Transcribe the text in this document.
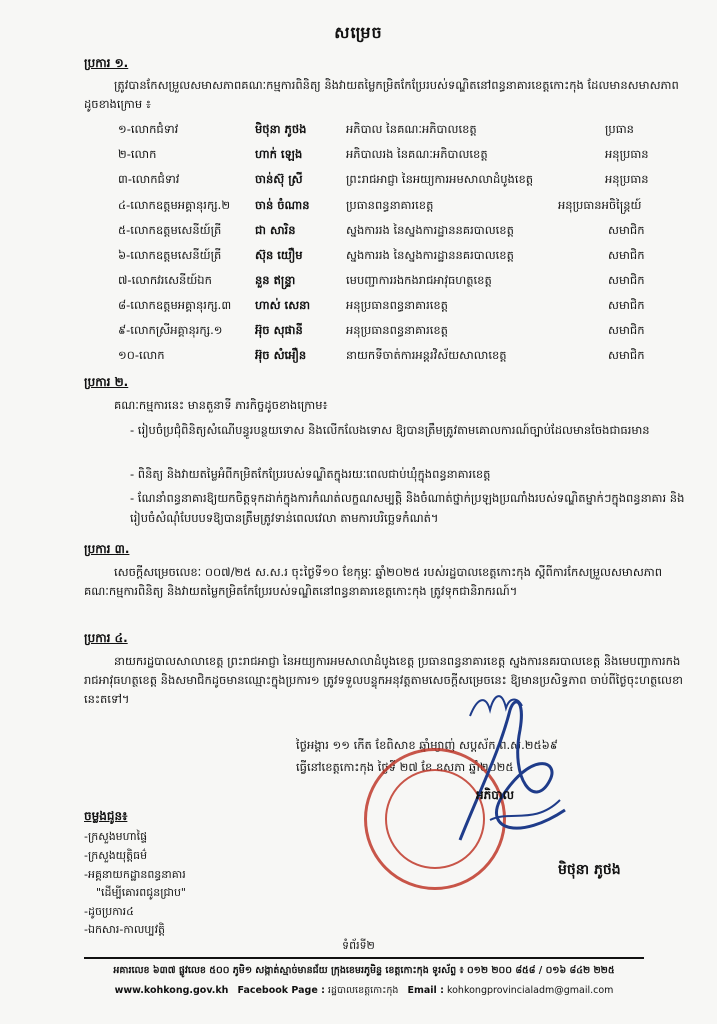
សម្រេច
ប្រការ ១.
ត្រូវបានកែសម្រួលសមាសភាពគណៈកម្មការពិនិត្យ និងវាយតម្លៃកម្រិតកែប្រែរបស់ទណ្ឌិតនៅពន្ធនាគារខេត្តកោះកុង ដែលមានសមាសភាពដូចខាងក្រោម ៖
១-លោកជំទាវ	មិថុនា ភូថង	អភិបាល នៃគណៈអភិបាលខេត្ត	ប្រធាន
២-លោក	ហាក់ ឡេង	អភិបាលរង នៃគណៈអភិបាលខេត្ត	អនុប្រធាន
៣-លោកជំទាវ	ចាន់ស៊ុ ស្រី	ព្រះរាជអាជ្ញា នៃអយ្យការអមសាលាដំបូងខេត្ត	អនុប្រធាន
៤-លោកឧត្តមអគ្គានុរក្ស.២ ចាន់ ចំណាន	ប្រធានពន្ធនាគារខេត្ត	អនុប្រធានអចិន្ត្រៃយ៍
៥-លោកឧត្តមសេនីយ៍ត្រី	ជា សារិន	ស្នងការរង នៃស្នងការដ្ឋាននគរបាលខេត្ត	សមាជិក
៦-លោកឧត្តមសេនីយ៍ត្រី	ស៊ុន យឿម	ស្នងការរង នៃស្នងការដ្ឋាននគរបាលខេត្ត	សមាជិក
៧-លោកវរសេនីយ៍ឯក	នួន ឥន្ទ្រា	មេបញ្ជាការរងកងរាជអាវុធហត្ថខេត្ត	សមាជិក
៨-លោកឧត្តមអគ្គានុរក្ស.៣ ហាស់ សេនា	អនុប្រធានពន្ធនាគារខេត្ត	សមាជិក
៩-លោកស្រីអគ្គានុរក្ស.១	អ៊ុច សុផានី	អនុប្រធានពន្ធនាគារខេត្ត	សមាជិក
១០-លោក	អ៊ុច សំអឿន	នាយកទីចាត់ការអន្តរវិស័យសាលាខេត្ត	សមាជិក
ប្រការ ២.
គណៈកម្មការនេះ មានតួនាទី ភារកិច្ចដូចខាងក្រោម៖
- រៀបចំប្រជុំពិនិត្យសំណើបន្ធូរបន្ថយទោស និងលើកលែងទោស ឱ្យបានត្រឹមត្រូវតាមគោលការណ៍ច្បាប់ដែលមានចែងជាធរមាន
- ពិនិត្យ និងវាយតម្លៃអំពីកម្រិតកែប្រែរបស់ទណ្ឌិតក្នុងរយៈពេលជាប់ឃុំក្នុងពន្ធនាគារខេត្ត
- ណែនាំពន្ធនាគារឱ្យយកចិត្តទុកដាក់ក្នុងការកំណត់លក្ខណសម្បត្តិ និងចំណាត់ថ្នាក់ប្រឡងប្រណាំងរបស់ទណ្ឌិតម្នាក់ៗក្នុងពន្ធនាគារ និងរៀបចំសំណុំបែបបទឱ្យបានត្រឹមត្រូវទាន់ពេលវេលា តាមការបរិច្ឆេទកំណត់។
ប្រការ ៣.
សេចក្តីសម្រេចលេខៈ ០០៧/២៥ ស.ស.រ ចុះថ្ងៃទី១០ ខែកុម្ភៈ ឆ្នាំ២០២៥ របស់រដ្ឋបាលខេត្តកោះកុង ស្តីពីការកែសម្រួលសមាសភាពគណៈកម្មការពិនិត្យ និងវាយតម្លៃកម្រិតកែប្រែរបស់ទណ្ឌិតនៅពន្ធនាគារខេត្តកោះកុង ត្រូវទុកជានិរាករណ៍។
ប្រការ ៤.
នាយករដ្ឋបាលសាលាខេត្ត ព្រះរាជអាជ្ញា នៃអយ្យការអមសាលាដំបូងខេត្ត ប្រធានពន្ធនាគារខេត្ត ស្នងការនគរបាលខេត្ត និងមេបញ្ជាការកងរាជអាវុធហត្ថខេត្ត និងសមាជិកដូចមានឈ្មោះក្នុងប្រការ១ ត្រូវទទួលបន្ទុកអនុវត្តតាមសេចក្តីសម្រេចនេះ ឱ្យមានប្រសិទ្ធភាព ចាប់ពីថ្ងៃចុះហត្ថលេខានេះតទៅ។
ថ្ងៃអង្គារ ១១ កើត ខែពិសាខ ឆ្នាំម្សាញ់ សប្តស័ក ព.ស.២៥៦៩
ធ្វើនៅខេត្តកោះកុង ថ្ងៃទី ២៧ ខែ ឧសភា ឆ្នាំ២០២៥
អភិបាល
មិថុនា ភូថង
ចម្លងជូន៖
-ក្រសួងមហាផ្ទៃ
-ក្រសួងយុត្តិធម៌
-អគ្គនាយកដ្ឋានពន្ធនាគារ
"ដើម្បីគោរពជូនជ្រាប"
-ដូចប្រការ៤
-ឯកសារ-កាលប្បវត្តិ
ទំព័រទី២
អគារលេខ ៦៣៧ ផ្លូវលេខ ៥០០ ភូមិ១ សង្កាត់ស្មាច់មានជ័យ ក្រុងខេមរភូមិន្ទ ខេត្តកោះកុង ទូរស័ព្ទ ៖ ០១២ ២០០ ៨៥៨ / ០១៦ ៨៤២ ២២៥
www.kohkong.gov.kh Facebook Page : រដ្ឋបាលខេត្តកោះកុង Email : kohkongprovincialadm@gmail.com
